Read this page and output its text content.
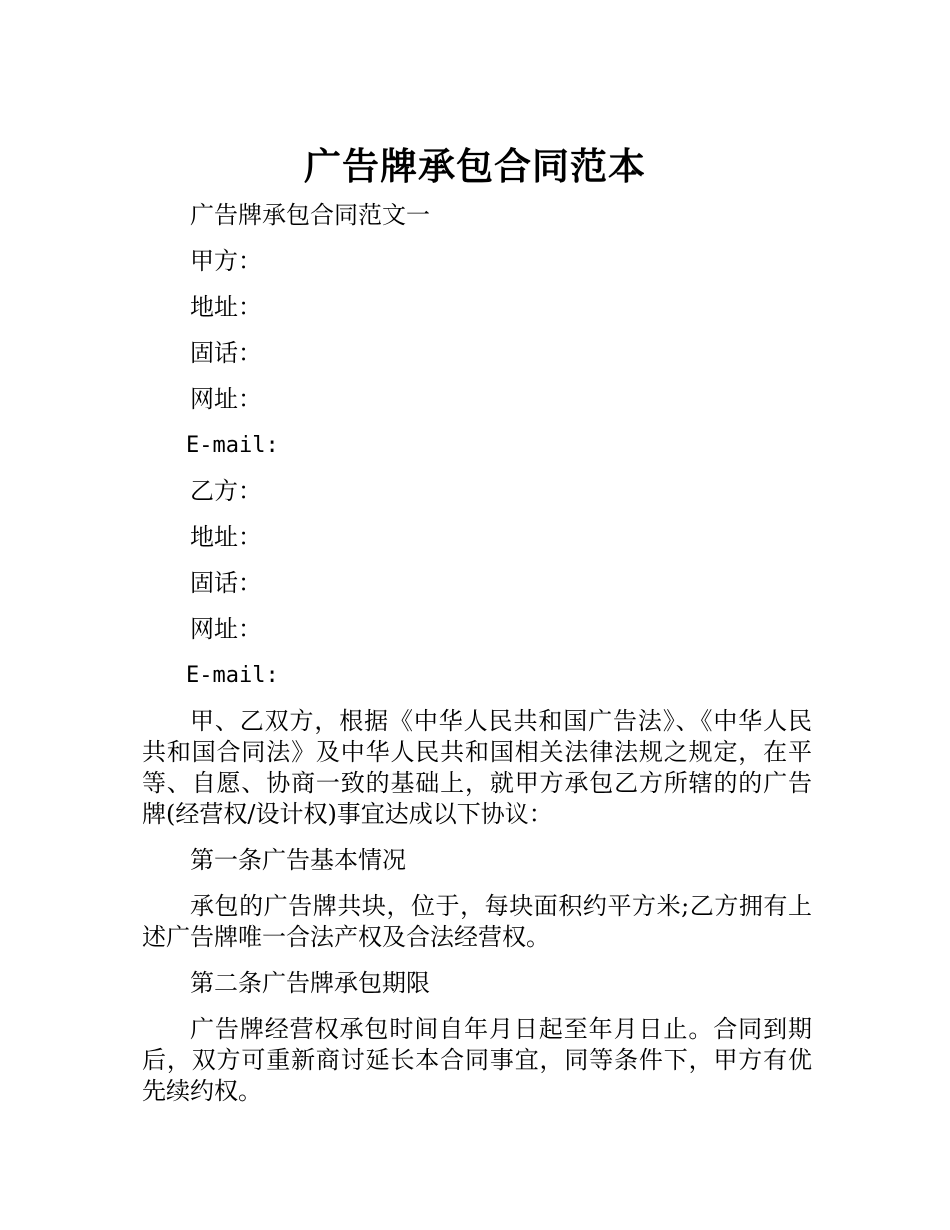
广告牌承包合同范本

广告牌承包合同范文一

甲方：

地址：

固话：

网址：

E-mail:

乙方：

地址：

固话：

网址：

E-mail:

甲、乙双方，根据《中华人民共和国广告法》、《中华人民共和国合同法》及中华人民共和国相关法律法规之规定，在平等、自愿、协商一致的基础上，就甲方承包乙方所辖的的广告牌(经营权/设计权)事宜达成以下协议：

第一条广告基本情况

承包的广告牌共块，位于，每块面积约平方米;乙方拥有上述广告牌唯一合法产权及合法经营权。

第二条广告牌承包期限

广告牌经营权承包时间自年月日起至年月日止。合同到期后，双方可重新商讨延长本合同事宜，同等条件下，甲方有优先续约权。
